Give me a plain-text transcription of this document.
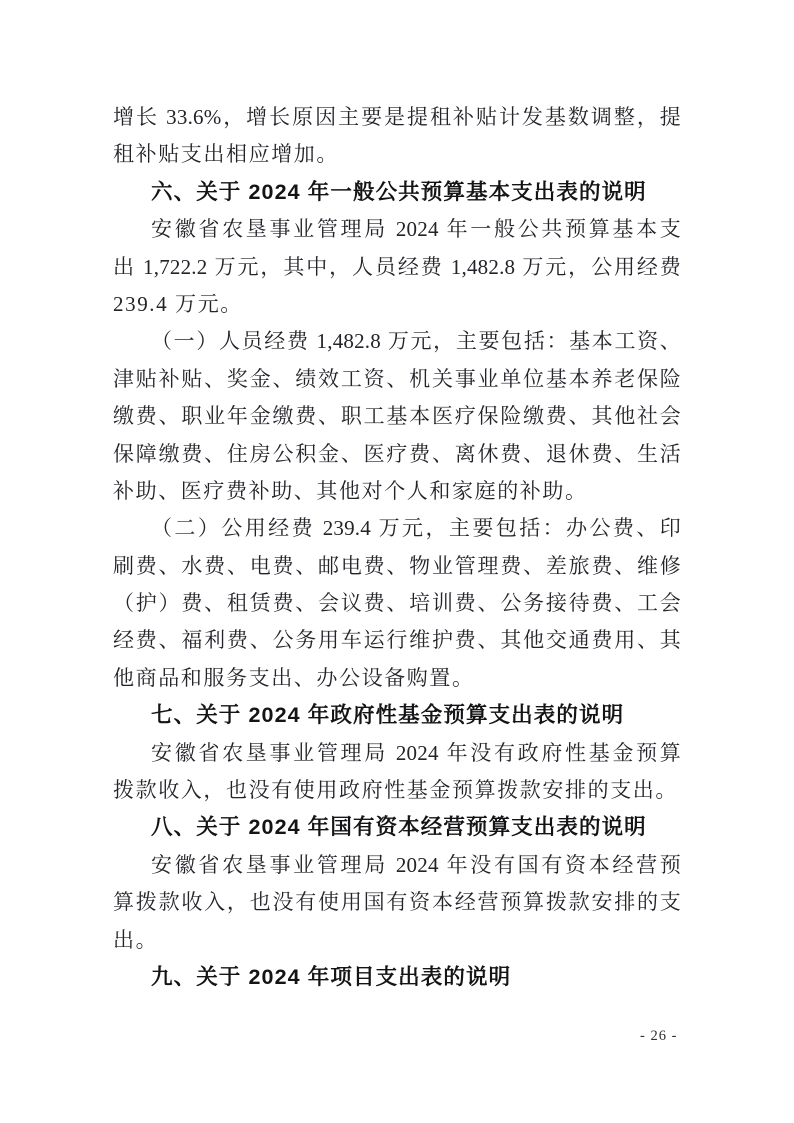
增长 33.6%，增长原因主要是提租补贴计发基数调整，提
租补贴支出相应增加。
六、关于 2024 年一般公共预算基本支出表的说明
安徽省农垦事业管理局 2024 年一般公共预算基本支
出 1,722.2 万元，其中，人员经费 1,482.8 万元，公用经费
239.4 万元。
（一）人员经费 1,482.8 万元，主要包括：基本工资、
津贴补贴、奖金、绩效工资、机关事业单位基本养老保险
缴费、职业年金缴费、职工基本医疗保险缴费、其他社会
保障缴费、住房公积金、医疗费、离休费、退休费、生活
补助、医疗费补助、其他对个人和家庭的补助。
（二）公用经费 239.4 万元，主要包括：办公费、印
刷费、水费、电费、邮电费、物业管理费、差旅费、维修
（护）费、租赁费、会议费、培训费、公务接待费、工会
经费、福利费、公务用车运行维护费、其他交通费用、其
他商品和服务支出、办公设备购置。
七、关于 2024 年政府性基金预算支出表的说明
安徽省农垦事业管理局 2024 年没有政府性基金预算
拨款收入，也没有使用政府性基金预算拨款安排的支出。
八、关于 2024 年国有资本经营预算支出表的说明
安徽省农垦事业管理局 2024 年没有国有资本经营预
算拨款收入，也没有使用国有资本经营预算拨款安排的支
出。
九、关于 2024 年项目支出表的说明
- 26 -
